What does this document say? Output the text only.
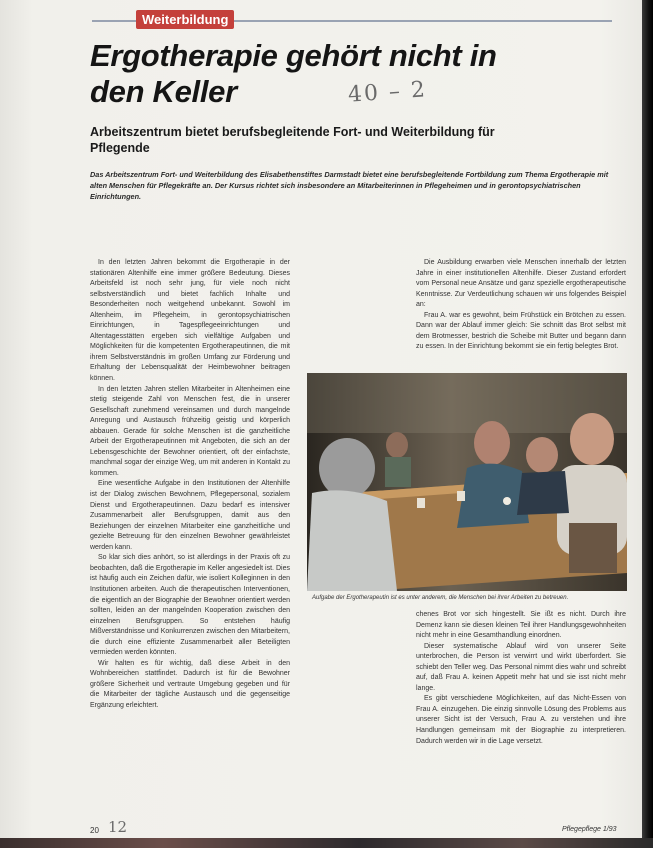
Weiterbildung
Ergotherapie gehört nicht in den Keller	40 – 2
Arbeitszentrum bietet berufsbegleitende Fort- und Weiterbildung für Pflegende

Das Arbeitszentrum Fort- und Weiterbildung des Elisabethenstiftes Darmstadt bietet eine berufsbegleitende Fortbildung zum Thema Ergotherapie mit alten Menschen für Pflegekräfte an. Der Kursus richtet sich insbesondere an Mitarbeiterinnen in Pflegeheimen und in gerontopsychiatrischen Einrichtungen.

In den letzten Jahren bekommt die Ergotherapie in der stationären Altenhilfe eine immer größere Bedeutung. Dieses Arbeitsfeld ist noch sehr jung, für viele noch nicht selbstverständlich und bietet fachlich Inhalte und Besonderheiten noch weitgehend unbekannt. Sowohl im Altenheim, im Pflegeheim, in gerontopsychiatrischen Einrichtungen, in Tagespflegeeinrichtungen und Altentagesstätten ergeben sich vielfältige Aufgaben und Möglichkeiten für die kompetenten Ergotherapeutinnen, die mit ihrem Selbstverständnis im großen Umfang zur Förderung und Erhaltung der Lebensqualität der Heimbewohner beitragen können.

In den letzten Jahren stellen Mitarbeiter in Altenheimen eine stetig steigende Zahl von Menschen fest, die in unserer Gesellschaft zunehmend vereinsamen und durch mangelnde Anregung und Austausch frühzeitig geistig und körperlich abbauen. Gerade für solche Menschen ist die ganzheitliche Arbeit der Ergotherapeutinnen mit Angeboten, die sich an der Lebensgeschichte der Bewohner orientiert, oft der einfachste, manchmal sogar der einzige Weg, um mit anderen in Kontakt zu kommen.

Eine wesentliche Aufgabe in den Institutionen der Altenhilfe ist der Dialog zwischen Bewohnern, Pflegepersonal, sozialem Dienst und Ergotherapeutinnen. Dazu bedarf es intensiver Zusammenarbeit aller Berufsgruppen, damit aus den Beziehungen der einzelnen Mitarbeiter eine ganzheitliche und gezielte Betreuung für den einzelnen Bewohner gewährleistet werden kann.

So klar sich dies anhört, so ist allerdings in der Praxis oft zu beobachten, daß die Ergotherapie im Keller angesiedelt ist. Dies ist häufig auch ein Zeichen dafür, wie isoliert Kolleginnen in den Institutionen arbeiten. Auch die therapeutischen Interventionen, die eigentlich an der Biographie der Bewohner orientiert werden sollten, leiden an der mangelnden Kooperation zwischen den einzelnen Berufsgruppen. So entstehen häufig Mißverständnisse und Konkurrenzen zwischen den Mitarbeitern, die durch eine effiziente Zusammenarbeit aller Beteiligten vermieden werden könnten.

Wir halten es für wichtig, daß diese Arbeit in den Wohnbereichen stattfindet. Dadurch ist für die Bewohner größere Sicherheit und vertraute Umgebung gegeben und für die Mitarbeiter der tägliche Austausch und die gegenseitige Ergänzung erleichtert.

Die Ausbildung erwarben viele Menschen innerhalb der letzten Jahre in einer institutionellen Altenhilfe. Dieser Zustand erfordert vom Personal neue Ansätze und ganz spezielle ergotherapeutische Kenntnisse. Zur Verdeutlichung schauen wir uns folgendes Beispiel an:

Frau A. war es gewohnt, beim Frühstück ein Brötchen zu essen. Dann war der Ablauf immer gleich: Sie schnitt das Brot selbst mit dem Brotmesser, bestrich die Scheibe mit Butter und begann dann zu essen. In der Einrichtung bekommt sie ein fertig belegtes Brot.

Aufgabe der Ergotherapeutin ist es unter anderem, die Menschen bei ihrer Arbeiten zu betreuen.

chenes Brot vor sich hingestellt. Sie ißt es nicht. Durch ihre Demenz kann sie diesen kleinen Teil ihrer Handlungsgewohnheiten nicht mehr in eine Gesamthandlung einordnen.

Dieser systematische Ablauf wird von unserer Seite unterbrochen, die Person ist verwirrt und wirkt überfordert. Sie schiebt den Teller weg. Das Personal nimmt dies wahr und schreibt auf, daß Frau A. keinen Appetit mehr hat und sie isst nicht mehr lange.

Es gibt verschiedene Möglichkeiten, auf das Nicht-Essen von Frau A. einzugehen. Die einzig sinnvolle Lösung des Problems aus unserer Sicht ist der Versuch, Frau A. zu verstehen und ihre Handlungen gemeinsam mit der Biographie zu interpretieren. Dadurch werden wir in die Lage versetzt.

20 12	Pflegepflege 1/93
